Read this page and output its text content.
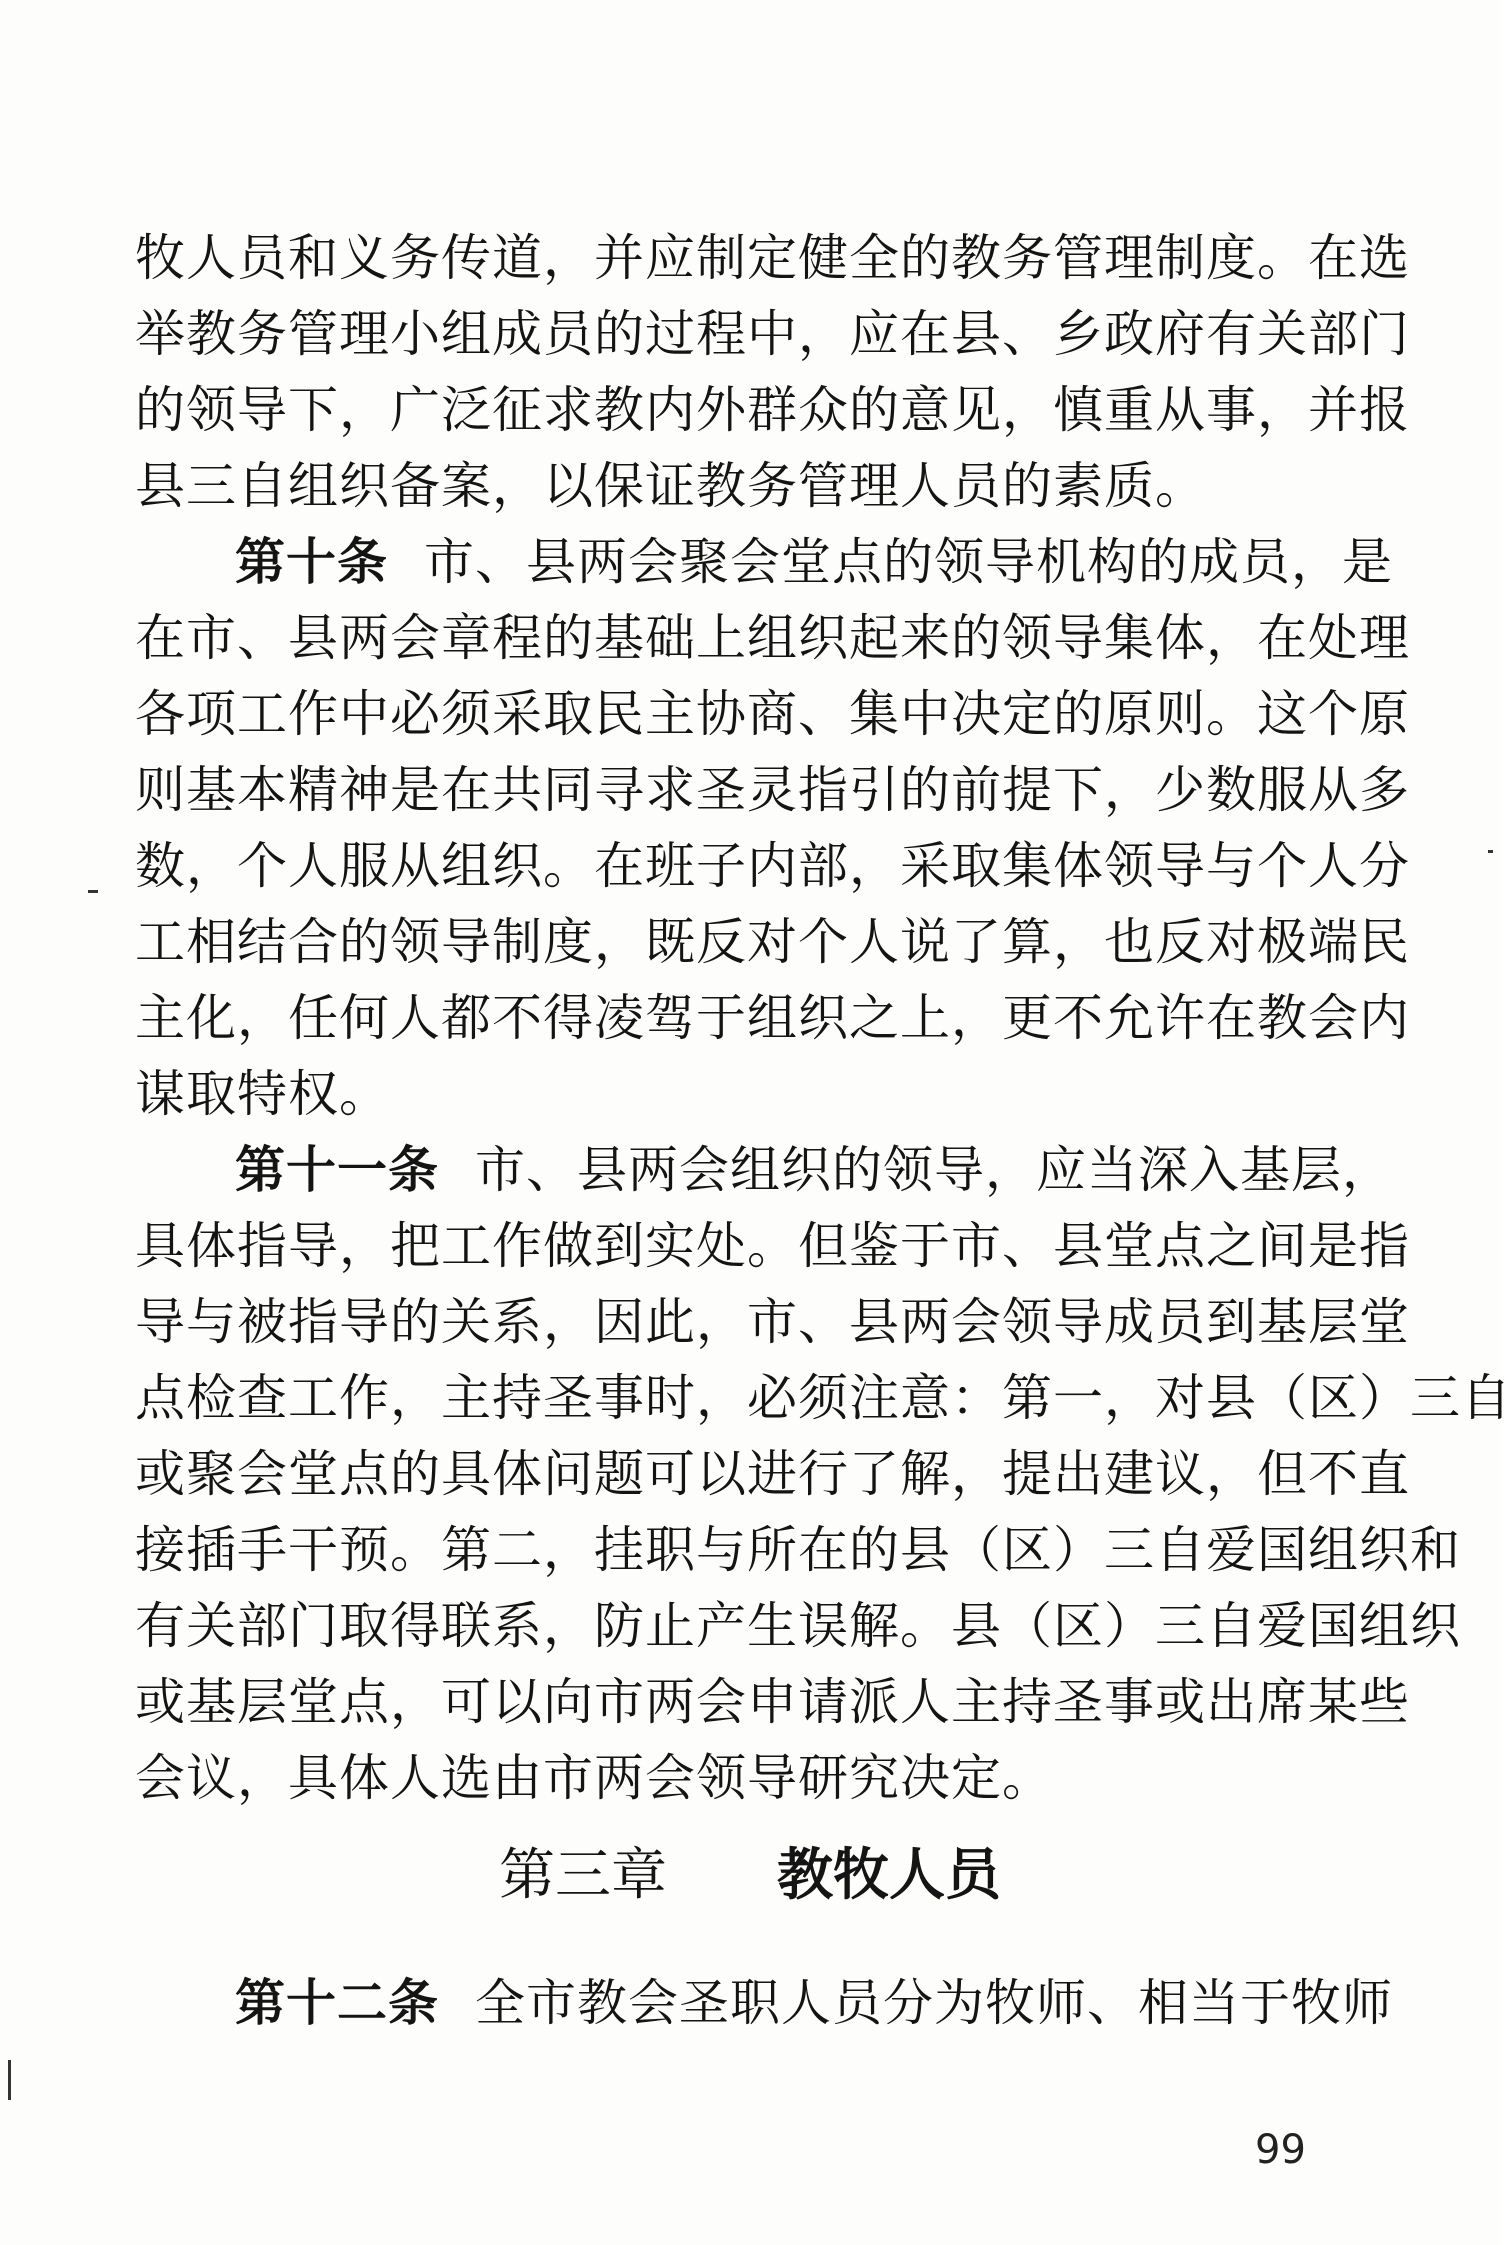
牧人员和义务传道，并应制定健全的教务管理制度。在选
举教务管理小组成员的过程中，应在县、乡政府有关部门
的领导下，广泛征求教内外群众的意见，慎重从事，并报
县三自组织备案，以保证教务管理人员的素质。
第十条 市、县两会聚会堂点的领导机构的成员，是
在市、县两会章程的基础上组织起来的领导集体，在处理
各项工作中必须采取民主协商、集中决定的原则。这个原
则基本精神是在共同寻求圣灵指引的前提下，少数服从多
数，个人服从组织。在班子内部，采取集体领导与个人分
工相结合的领导制度，既反对个人说了算，也反对极端民
主化，任何人都不得凌驾于组织之上，更不允许在教会内
谋取特权。
第十一条 市、县两会组织的领导，应当深入基层，
具体指导，把工作做到实处。但鉴于市、县堂点之间是指
导与被指导的关系，因此，市、县两会领导成员到基层堂
点检查工作，主持圣事时，必须注意：第一，对县（区）三自
或聚会堂点的具体问题可以进行了解，提出建议，但不直
接插手干预。第二，挂职与所在的县（区）三自爱国组织和
有关部门取得联系，防止产生误解。县（区）三自爱国组织
或基层堂点，可以向市两会申请派人主持圣事或出席某些
会议，具体人选由市两会领导研究决定。
第三章 教牧人员
第十二条 全市教会圣职人员分为牧师、相当于牧师
99
